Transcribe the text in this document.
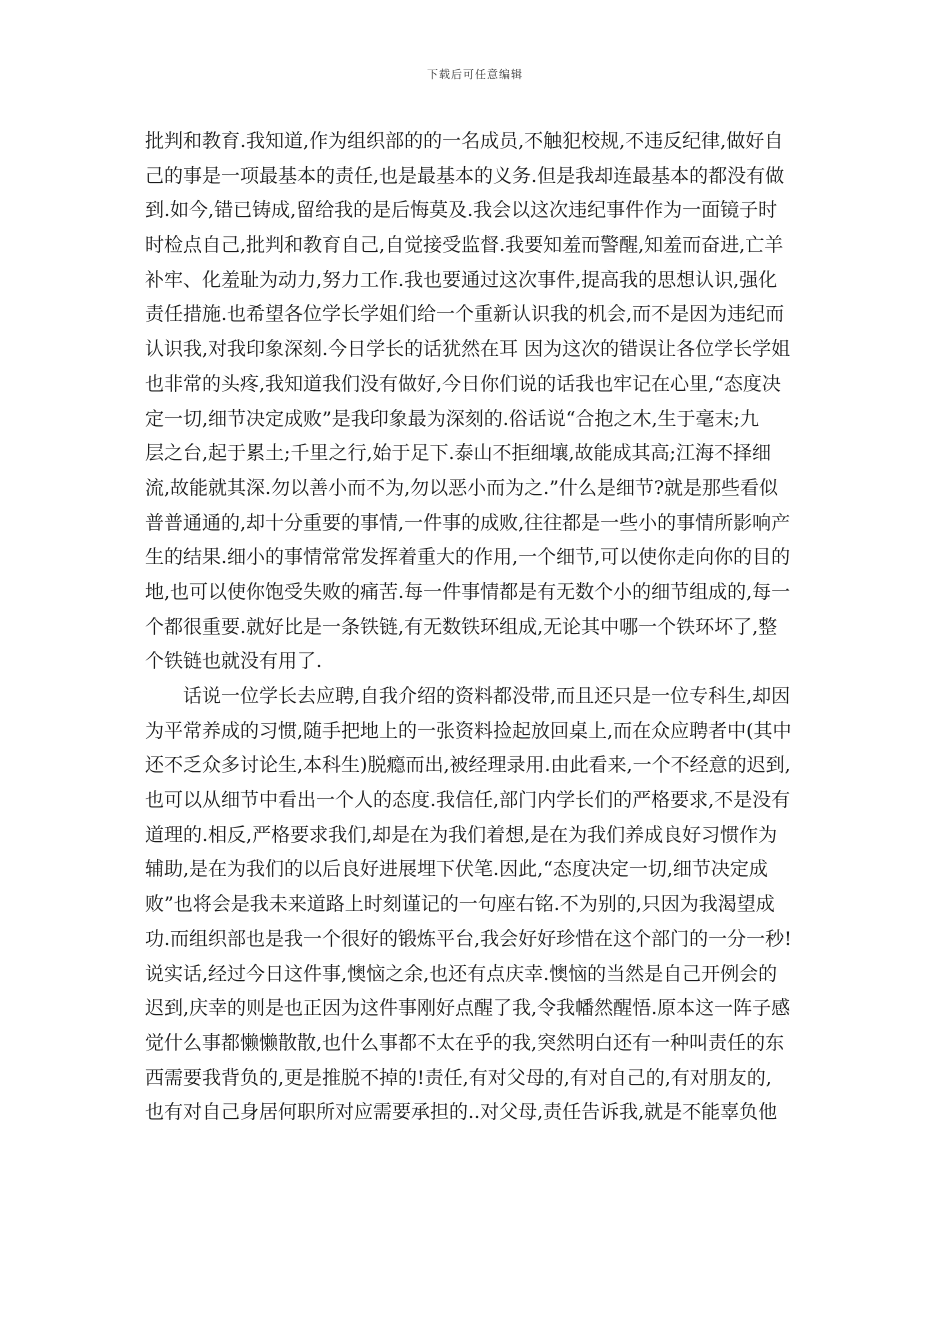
下载后可任意编辑
批判和教育.我知道,作为组织部的的一名成员,不触犯校规,不违反纪律,做好自
己的事是一项最基本的责任,也是最基本的义务.但是我却连最基本的都没有做
到.如今,错已铸成,留给我的是后悔莫及.我会以这次违纪事件作为一面镜子时
时检点自己,批判和教育自己,自觉接受监督.我要知羞而警醒,知羞而奋进,亡羊
补牢、化羞耻为动力,努力工作.我也要通过这次事件,提高我的思想认识,强化
责任措施.也希望各位学长学姐们给一个重新认识我的机会,而不是因为违纪而
认识我,对我印象深刻.今日学长的话犹然在耳 因为这次的错误让各位学长学姐
也非常的头疼,我知道我们没有做好,今日你们说的话我也牢记在心里,“态度决
定一切,细节决定成败”是我印象最为深刻的.俗话说“合抱之木,生于毫末;九
层之台,起于累土;千里之行,始于足下.泰山不拒细壤,故能成其高;江海不择细
流,故能就其深.勿以善小而不为,勿以恶小而为之.”什么是细节?就是那些看似
普普通通的,却十分重要的事情,一件事的成败,往往都是一些小的事情所影响产
生的结果.细小的事情常常发挥着重大的作用,一个细节,可以使你走向你的目的
地,也可以使你饱受失败的痛苦.每一件事情都是有无数个小的细节组成的,每一
个都很重要.就好比是一条铁链,有无数铁环组成,无论其中哪一个铁环坏了,整
个铁链也就没有用了.
话说一位学长去应聘,自我介绍的资料都没带,而且还只是一位专科生,却因
为平常养成的习惯,随手把地上的一张资料捡起放回桌上,而在众应聘者中(其中
还不乏众多讨论生,本科生)脱瘾而出,被经理录用.由此看来,一个不经意的迟到,
也可以从细节中看出一个人的态度.我信任,部门内学长们的严格要求,不是没有
道理的.相反,严格要求我们,却是在为我们着想,是在为我们养成良好习惯作为
辅助,是在为我们的以后良好进展埋下伏笔.因此,“态度决定一切,细节决定成
败”也将会是我未来道路上时刻谨记的一句座右铭.不为别的,只因为我渴望成
功.而组织部也是我一个很好的锻炼平台,我会好好珍惜在这个部门的一分一秒!
说实话,经过今日这件事,懊恼之余,也还有点庆幸.懊恼的当然是自己开例会的
迟到,庆幸的则是也正因为这件事刚好点醒了我,令我幡然醒悟.原本这一阵子感
觉什么事都懒懒散散,也什么事都不太在乎的我,突然明白还有一种叫责任的东
西需要我背负的,更是推脱不掉的!责任,有对父母的,有对自己的,有对朋友的,
也有对自己身居何职所对应需要承担的..对父母,责任告诉我,就是不能辜负他
